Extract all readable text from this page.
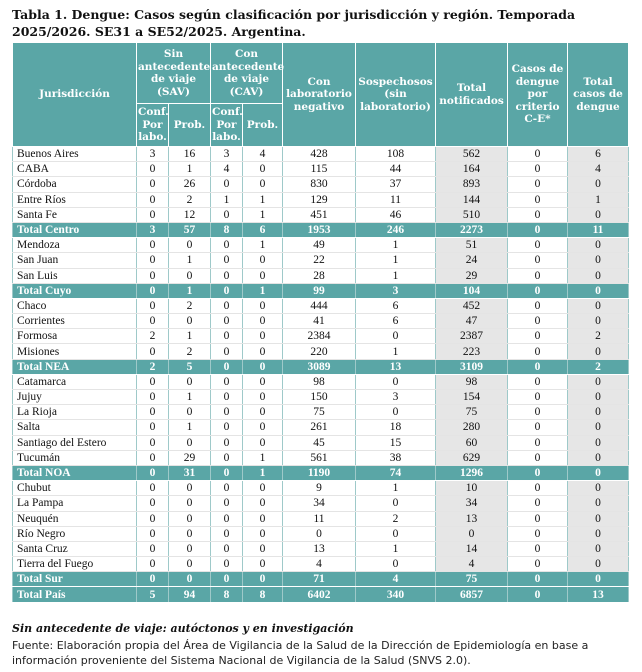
Tabla 1. Dengue: Casos según clasificación por jurisdicción y región. Temporada 2025/2026. SE31 a SE52/2025. Argentina.
Jurisdicción	Sin antecedente de viaje (SAV)		Con antecedente de viaje (CAV)		Con laboratorio negativo	Sospechosos (sin laboratorio)	Total notificados	Casos de dengue por criterio C-E*	Total casos de dengue
	Conf. Por labo.	Prob.	Conf. Por labo.	Prob.					
Buenos Aires	3	16	3	4	428	108	562	0	6
CABA	0	1	4	0	115	44	164	0	4
Córdoba	0	26	0	0	830	37	893	0	0
Entre Ríos	0	2	1	1	129	11	144	0	1
Santa Fe	0	12	0	1	451	46	510	0	0
Total Centro	3	57	8	6	1953	246	2273	0	11
Mendoza	0	0	0	1	49	1	51	0	0
San Juan	0	1	0	0	22	1	24	0	0
San Luis	0	0	0	0	28	1	29	0	0
Total Cuyo	0	1	0	1	99	3	104	0	0
Chaco	0	2	0	0	444	6	452	0	0
Corrientes	0	0	0	0	41	6	47	0	0
Formosa	2	1	0	0	2384	0	2387	0	2
Misiones	0	2	0	0	220	1	223	0	0
Total NEA	2	5	0	0	3089	13	3109	0	2
Catamarca	0	0	0	0	98	0	98	0	0
Jujuy	0	1	0	0	150	3	154	0	0
La Rioja	0	0	0	0	75	0	75	0	0
Salta	0	1	0	0	261	18	280	0	0
Santiago del Estero	0	0	0	0	45	15	60	0	0
Tucumán	0	29	0	1	561	38	629	0	0
Total NOA	0	31	0	1	1190	74	1296	0	0
Chubut	0	0	0	0	9	1	10	0	0
La Pampa	0	0	0	0	34	0	34	0	0
Neuquén	0	0	0	0	11	2	13	0	0
Río Negro	0	0	0	0	0	0	0	0	0
Santa Cruz	0	0	0	0	13	1	14	0	0
Tierra del Fuego	0	0	0	0	4	0	4	0	0
Total Sur	0	0	0	0	71	4	75	0	0
Total País	5	94	8	8	6402	340	6857	0	13
Sin antecedente de viaje: autóctonos y en investigación
Fuente: Elaboración propia del Área de Vigilancia de la Salud de la Dirección de Epidemiología en base a información proveniente del Sistema Nacional de Vigilancia de la Salud (SNVS 2.0).
